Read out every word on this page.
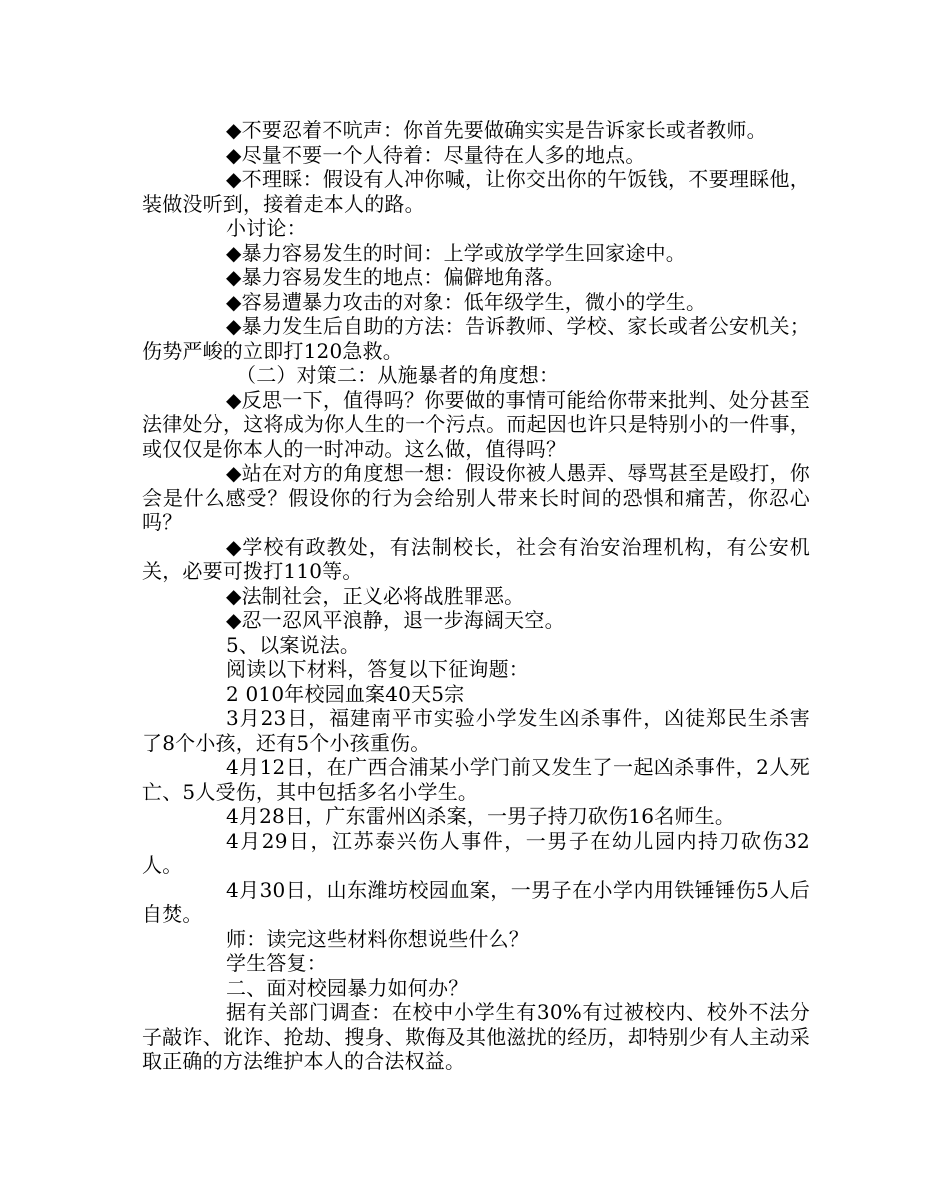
◆不要忍着不吭声：你首先要做确实实是告诉家长或者教师。

◆尽量不要一个人待着：尽量待在人多的地点。

◆不理睬：假设有人冲你喊，让你交出你的午饭钱，不要理睬他，装做没听到，接着走本人的路。

小讨论：

◆暴力容易发生的时间：上学或放学学生回家途中。

◆暴力容易发生的地点：偏僻地角落。

◆容易遭暴力攻击的对象：低年级学生，微小的学生。

◆暴力发生后自助的方法：告诉教师、学校、家长或者公安机关；伤势严峻的立即打120急救。

（二）对策二：从施暴者的角度想：

◆反思一下，值得吗？你要做的事情可能给你带来批判、处分甚至法律处分，这将成为你人生的一个污点。而起因也许只是特别小的一件事，或仅仅是你本人的一时冲动。这么做，值得吗？

◆站在对方的角度想一想：假设你被人愚弄、辱骂甚至是殴打，你会是什么感受？假设你的行为会给别人带来长时间的恐惧和痛苦，你忍心吗？

◆学校有政教处，有法制校长，社会有治安治理机构，有公安机关，必要可拨打110等。

◆法制社会，正义必将战胜罪恶。

◆忍一忍风平浪静，退一步海阔天空。

5、以案说法。

阅读以下材料，答复以下征询题：

2 010年校园血案40天5宗

3月23日，福建南平市实验小学发生凶杀事件，凶徒郑民生杀害了8个小孩，还有5个小孩重伤。

4月12日，在广西合浦某小学门前又发生了一起凶杀事件，2人死亡、5人受伤，其中包括多名小学生。

4月28日，广东雷州凶杀案，一男子持刀砍伤16名师生。

4月29日，江苏泰兴伤人事件，一男子在幼儿园内持刀砍伤32人。

4月30日，山东潍坊校园血案，一男子在小学内用铁锤锤伤5人后自焚。

师：读完这些材料你想说些什么？

学生答复：

二、面对校园暴力如何办？

据有关部门调查：在校中小学生有30%有过被校内、校外不法分子敲诈、讹诈、抢劫、搜身、欺侮及其他滋扰的经历，却特别少有人主动采取正确的方法维护本人的合法权益。
